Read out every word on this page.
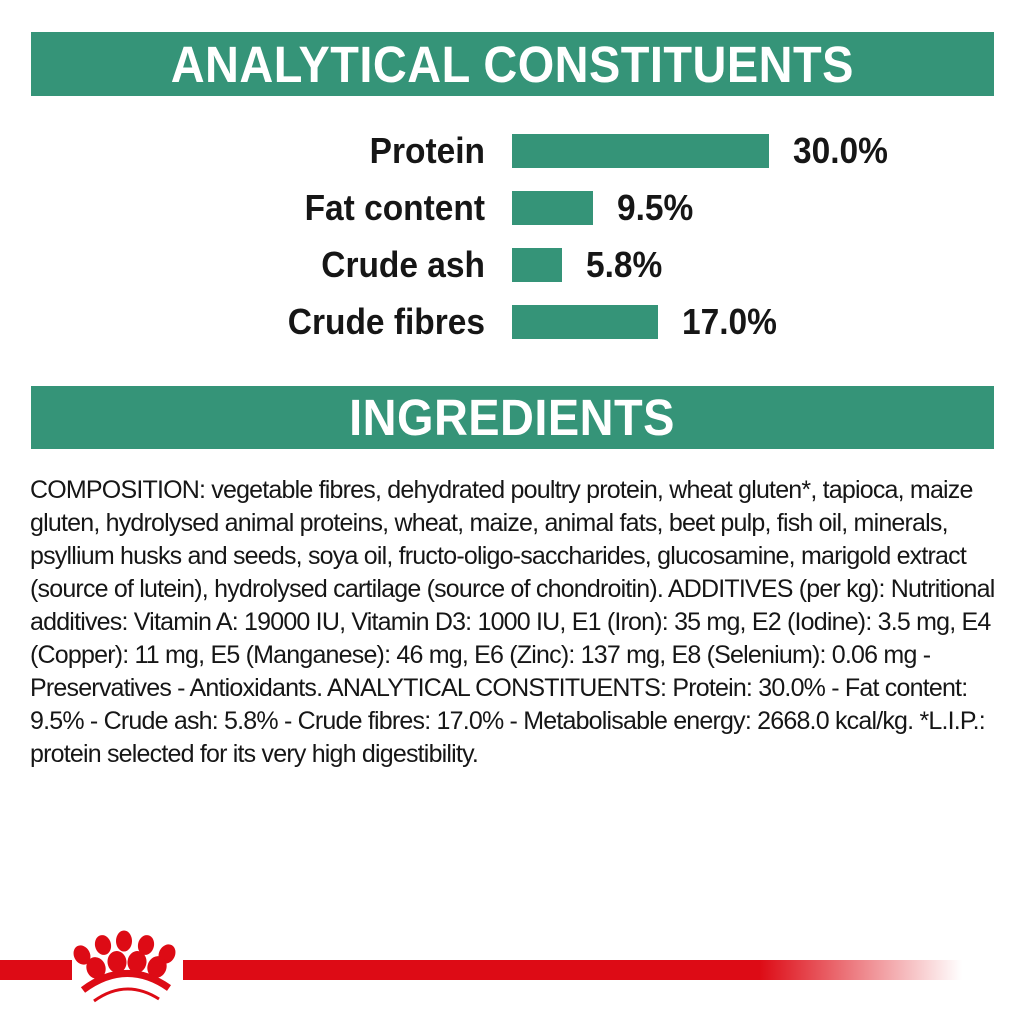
ANALYTICAL CONSTITUENTS
Protein	30.0%
Fat content	9.5%
Crude ash	5.8%
Crude fibres	17.0%
INGREDIENTS
COMPOSITION: vegetable fibres, dehydrated poultry protein, wheat gluten*, tapioca, maize gluten, hydrolysed animal proteins, wheat, maize, animal fats, beet pulp, fish oil, minerals, psyllium husks and seeds, soya oil, fructo-oligo-saccharides, glucosamine, marigold extract (source of lutein), hydrolysed cartilage (source of chondroitin). ADDITIVES (per kg): Nutritional additives: Vitamin A: 19000 IU, Vitamin D3: 1000 IU, E1 (Iron): 35 mg, E2 (Iodine): 3.5 mg, E4 (Copper): 11 mg, E5 (Manganese): 46 mg, E6 (Zinc): 137 mg, E8 (Selenium): 0.06 mg - Preservatives - Antioxidants. ANALYTICAL CONSTITUENTS: Protein: 30.0% - Fat content: 9.5% - Crude ash: 5.8% - Crude fibres: 17.0% - Metabolisable energy: 2668.0 kcal/kg. *L.I.P.: protein selected for its very high digestibility.
